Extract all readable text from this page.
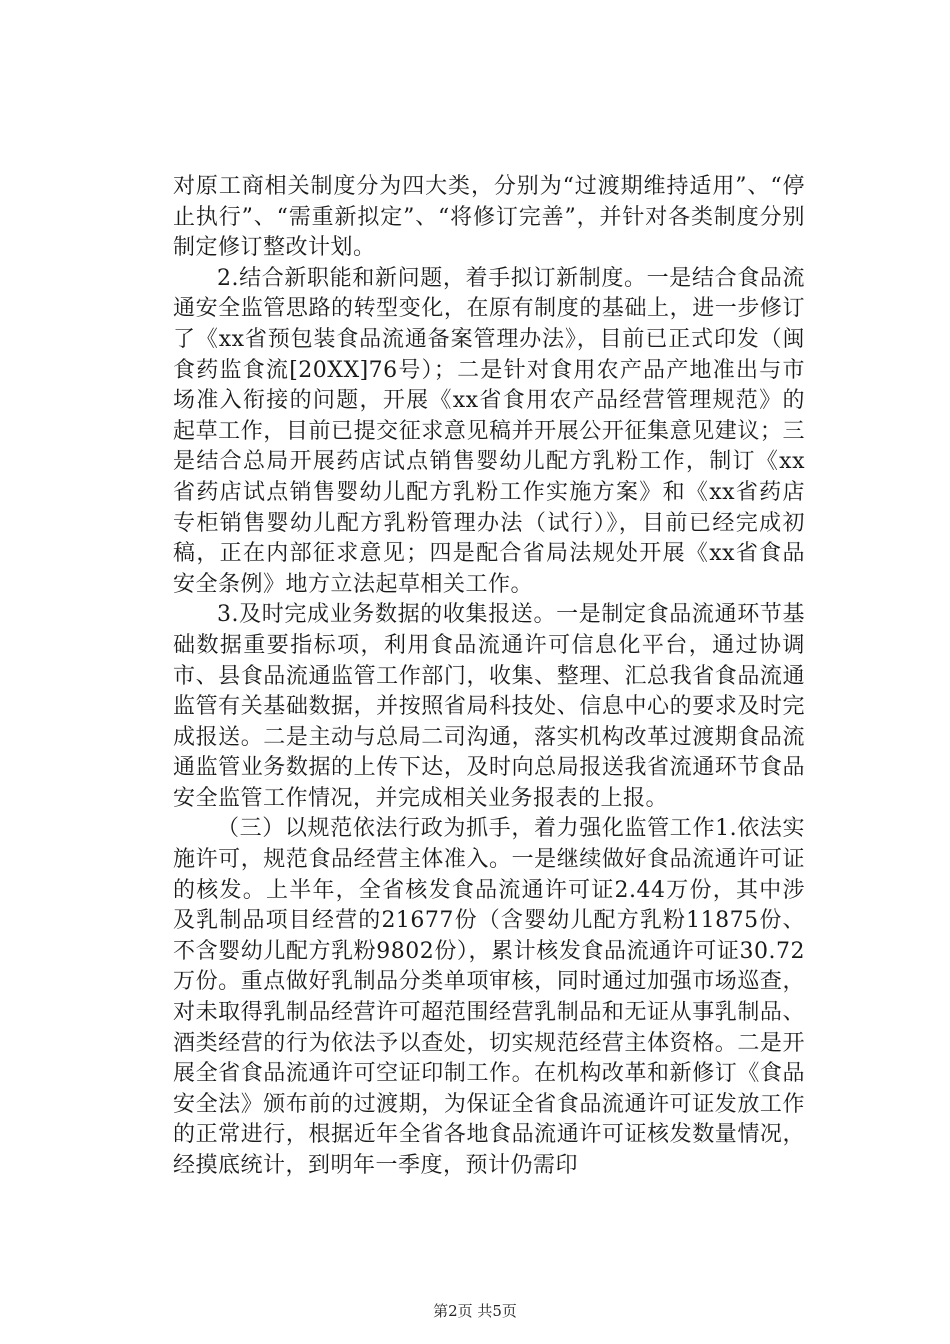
对原工商相关制度分为四大类，分别为“过渡期维持适用”、“停止执行”、“需重新拟定”、“将修订完善”，并针对各类制度分别制定修订整改计划。

2.结合新职能和新问题，着手拟订新制度。一是结合食品流通安全监管思路的转型变化，在原有制度的基础上，进一步修订了《xx省预包装食品流通备案管理办法》，目前已正式印发（闽食药监食流[20XX]76号）；二是针对食用农产品产地准出与市场准入衔接的问题，开展《xx省食用农产品经营管理规范》的起草工作，目前已提交征求意见稿并开展公开征集意见建议；三是结合总局开展药店试点销售婴幼儿配方乳粉工作，制订《xx省药店试点销售婴幼儿配方乳粉工作实施方案》和《xx省药店专柜销售婴幼儿配方乳粉管理办法（试行）》，目前已经完成初稿，正在内部征求意见；四是配合省局法规处开展《xx省食品安全条例》地方立法起草相关工作。

3.及时完成业务数据的收集报送。一是制定食品流通环节基础数据重要指标项，利用食品流通许可信息化平台，通过协调市、县食品流通监管工作部门，收集、整理、汇总我省食品流通监管有关基础数据，并按照省局科技处、信息中心的要求及时完成报送。二是主动与总局二司沟通，落实机构改革过渡期食品流通监管业务数据的上传下达，及时向总局报送我省流通环节食品安全监管工作情况，并完成相关业务报表的上报。

（三）以规范依法行政为抓手，着力强化监管工作1.依法实施许可，规范食品经营主体准入。一是继续做好食品流通许可证的核发。上半年，全省核发食品流通许可证2.44万份，其中涉及乳制品项目经营的21677份（含婴幼儿配方乳粉11875份、不含婴幼儿配方乳粉9802份），累计核发食品流通许可证30.72万份。重点做好乳制品分类单项审核，同时通过加强市场巡查，对未取得乳制品经营许可超范围经营乳制品和无证从事乳制品、酒类经营的行为依法予以查处，切实规范经营主体资格。二是开展全省食品流通许可空证印制工作。在机构改革和新修订《食品安全法》颁布前的过渡期，为保证全省食品流通许可证发放工作的正常进行，根据近年全省各地食品流通许可证核发数量情况，经摸底统计，到明年一季度，预计仍需印

第2页 共5页
